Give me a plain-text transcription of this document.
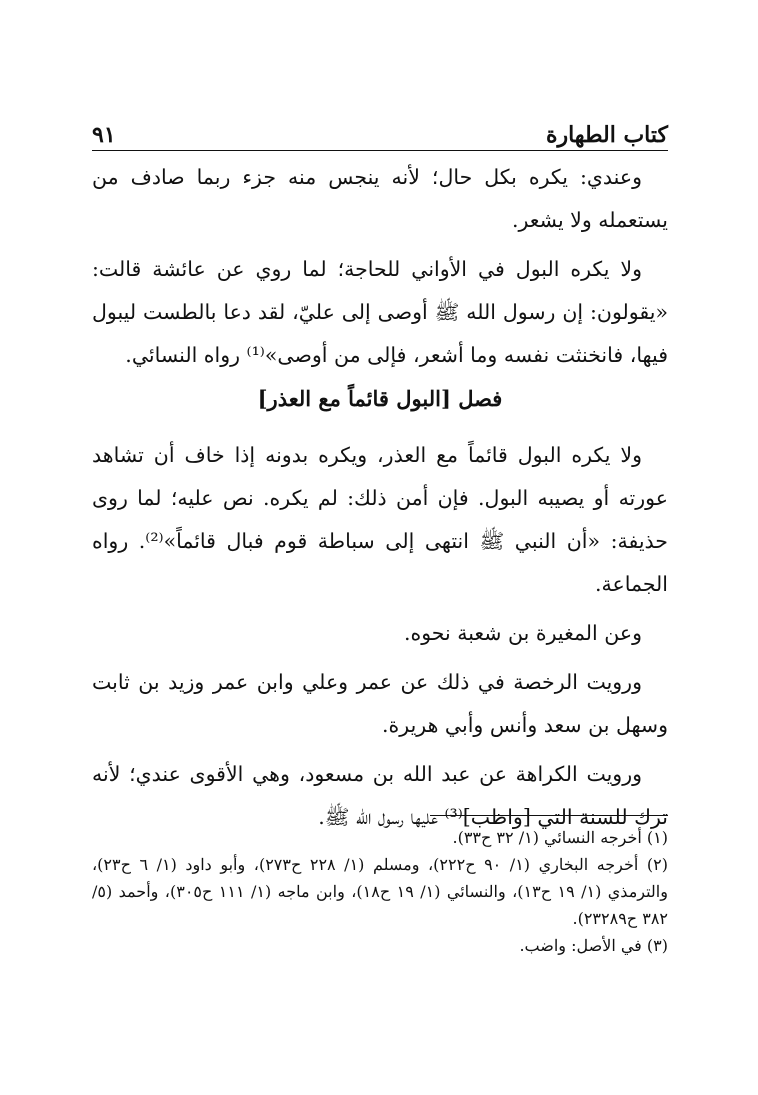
كتاب الطهارة
٩١

وعندي: يكره بكل حال؛ لأنه ينجس منه جزء ربما صادف من يستعمله ولا يشعر.

ولا يكره البول في الأواني للحاجة؛ لما روي عن عائشة قالت: «يقولون: إن رسول الله ﷺ أوصى إلى عليّ، لقد دعا بالطست ليبول فيها، فانخنثت نفسه وما أشعر، فإلى من أوصى»⁽¹⁾ رواه النسائي.

فصل [البول قائماً مع العذر]

ولا يكره البول قائماً مع العذر، ويكره بدونه إذا خاف أن تشاهد عورته أو يصيبه البول. فإن أمن ذلك: لم يكره. نص عليه؛ لما روى حذيفة: «أن النبي ﷺ انتهى إلى سباطة قوم فبال قائماً»⁽²⁾. رواه الجماعة.

وعن المغيرة بن شعبة نحوه.

ورويت الرخصة في ذلك عن عمر وعلي وابن عمر وزيد بن ثابت وسهل بن سعد وأنس وأبي هريرة.

ورويت الكراهة عن عبد الله بن مسعود، وهي الأقوى عندي؛ لأنه ترك للسنة التي [واظب]⁽³⁾ عليها رسول الله ﷺ.

(١) أخرجه النسائي (١/ ٣٢ ح٣٣).

(٢) أخرجه البخاري (١/ ٩٠ ح٢٢٢)، ومسلم (١/ ٢٢٨ ح٢٧٣)، وأبو داود (١/ ٦ ح٢٣)، والترمذي (١/ ١٩ ح١٣)، والنسائي (١/ ١٩ ح١٨)، وابن ماجه (١/ ١١١ ح٣٠٥)، وأحمد (٥/ ٣٨٢ ح٢٣٢٨٩).

(٣) في الأصل: واضب.
